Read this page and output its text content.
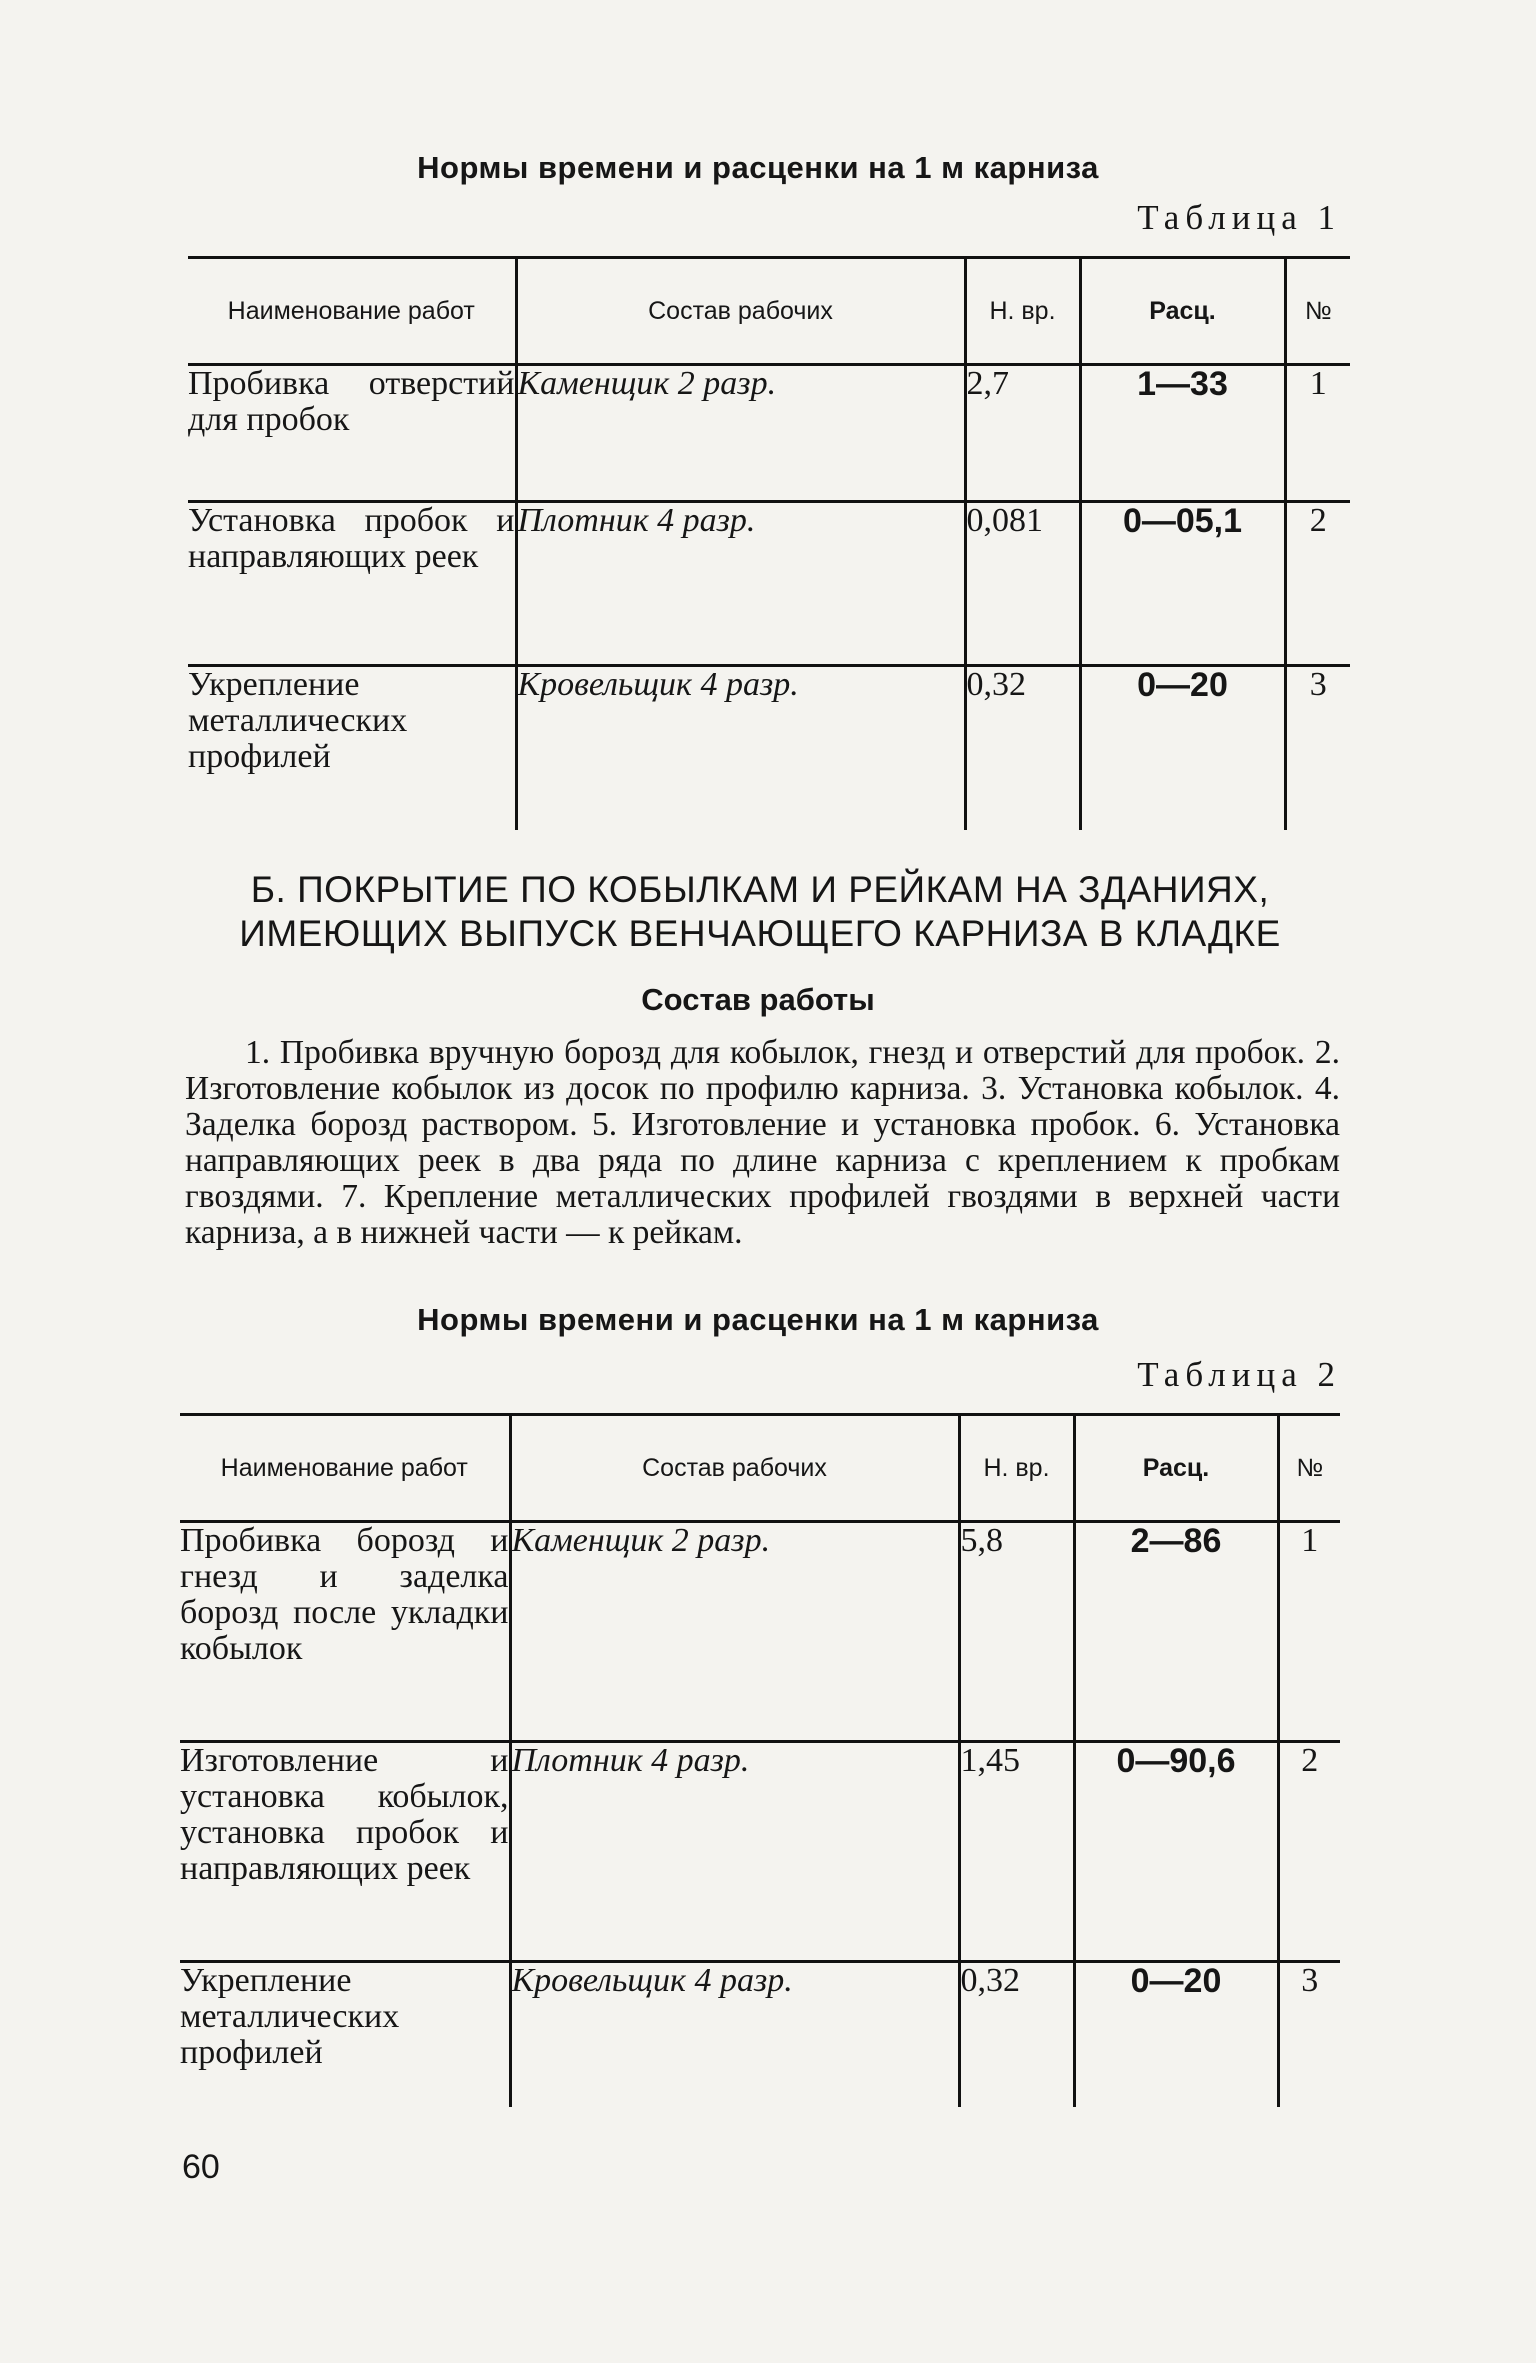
Нормы времени и расценки на 1 м карниза
Таблица 1
Наименование работ	Состав рабочих	Н. вр.	Расц.	№
Пробивка отверстий для пробок	Каменщик 2 разр.	2,7	1—33	1
Установка пробок и направляющих реек	Плотник 4 разр.	0,081	0—05,1	2
Укрепление металлических профилей	Кровельщик 4 разр.	0,32	0—20	3
Б. ПОКРЫТИЕ ПО КОБЫЛКАМ И РЕЙКАМ НА ЗДАНИЯХ,
ИМЕЮЩИХ ВЫПУСК ВЕНЧАЮЩЕГО КАРНИЗА В КЛАДКЕ
Состав работы
1. Пробивка вручную борозд для кобылок, гнезд и отверстий для пробок. 2. Изготовление кобылок из досок по профилю карниза. 3. Установка кобылок. 4. Заделка борозд раствором. 5. Изготовление и установка пробок. 6. Установка направляющих реек в два ряда по длине карниза с креплением к пробкам гвоздями. 7. Крепление металлических профилей гвоздями в верхней части карниза, а в нижней части — к рейкам.
Нормы времени и расценки на 1 м карниза
Таблица 2
Наименование работ	Состав рабочих	Н. вр.	Расц.	№
Пробивка борозд и гнезд и заделка борозд после укладки кобылок	Каменщик 2 разр.	5,8	2—86	1
Изготовление и установка кобылок, установка пробок и направляющих реек	Плотник 4 разр.	1,45	0—90,6	2
Укрепление металлических профилей	Кровельщик 4 разр.	0,32	0—20	3
60
